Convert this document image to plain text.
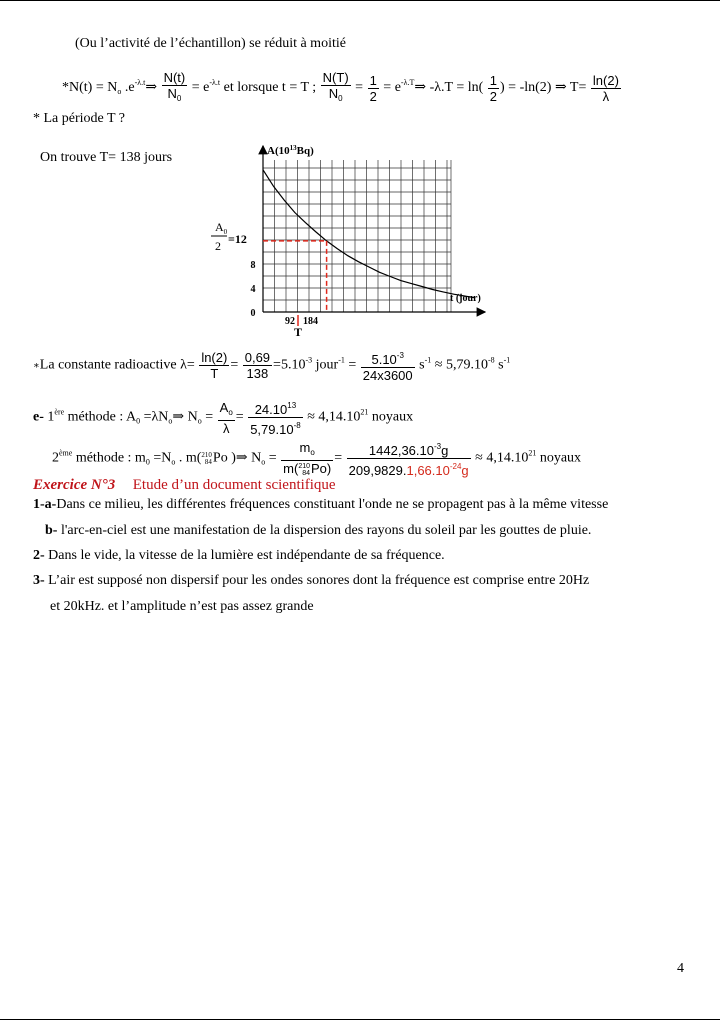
(Ou l’activité de l’échantillon) se réduit à moitié
$*N(t) = N_o$ $.e^{-\lambda.t}\Rightarrow \frac{N(t)}{N_0} = e^{-\lambda.t}$ et lorsque t = T ; $\frac{N(T)}{N_0} = \frac{1}{2}$ = $e^{-\lambda.T}\Rightarrow$ $-\lambda.T = \ln( \frac{1}{2}$ ) = -ln(2) ⇒ $T= \frac{\ln(2)}{\lambda}$
* La période T ?
On trouve T= 138 jours	$A(10^{13}Bq)$
t (jour)
8
4
0
92 184
T
$A_0$
2 =12
∗La constante radioactive $\lambda= \frac{\ln(2)}{T} = \frac{0,69}{138} =5.10^{-3}$ jour$^{-1}$ = $\frac{5.10^{-3}}{24x3600} s^{-1} \approx 5,79.10^{-8}$ $s^{-1}$
e- 1ère méthode : $A_0$ $=\lambda N_o\Rightarrow$ $N_o = \frac{A_o}{\lambda} = \frac{24.10^{13}}{5,79.10^{-8}} \approx 4,14.10^{21}$ noyaux
2ème méthode : $m_0 =N_o$ . m(210
84Po )⇒ $N_o$ =
$m_o$
m(210
84Po)
= $\frac{1442,36.10^{-3}g}{209,9829.1,66.10^{-24}g} \approx 4,14.10^{21}$ noyaux
Exercice N°3 Etude d’un document scientifique
1-a-Dans ce milieu, les différentes fréquences constituant l'onde ne se propagent pas à la même vitesse
b- l'arc-en-ciel est une manifestation de la dispersion des rayons du soleil par les gouttes de pluie.
2- Dans le vide, la vitesse de la lumière est indépendante de sa fréquence.
3- L’air est supposé non dispersif pour les ondes sonores dont la fréquence est comprise entre 20Hz
et 20kHz. et l’amplitude n’est pas assez grande
4
